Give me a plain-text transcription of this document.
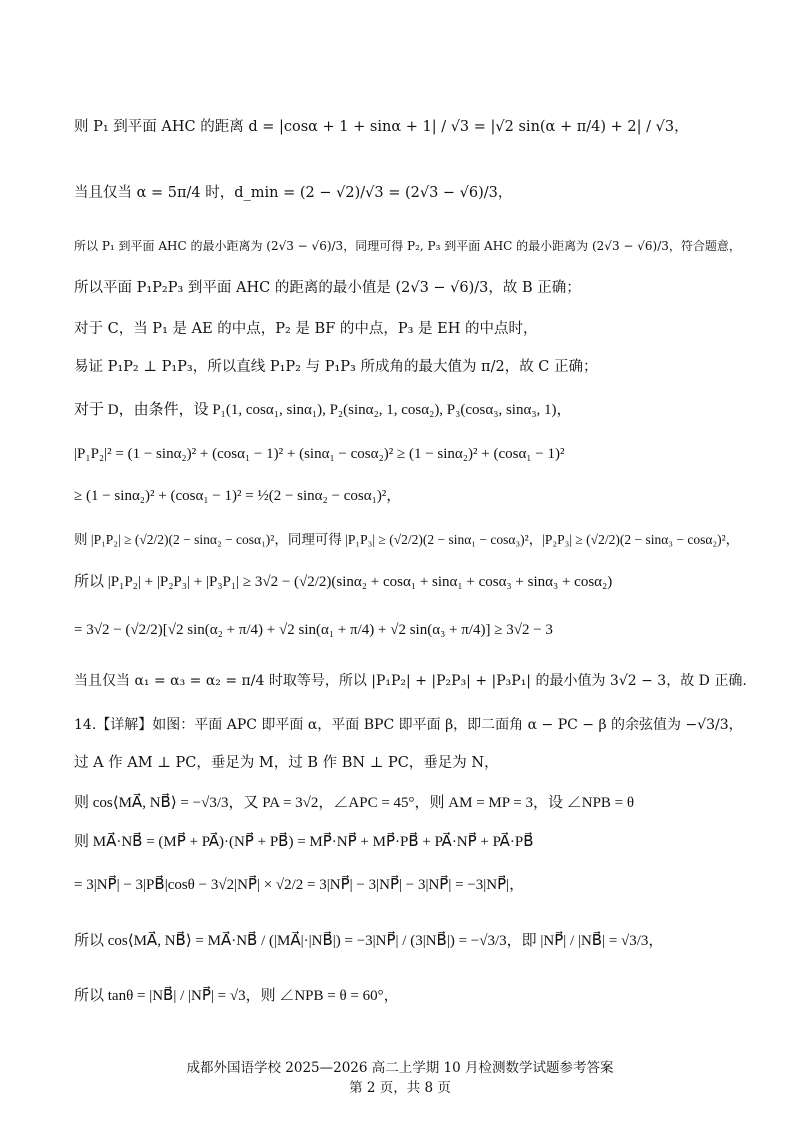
则 P₁ 到平面 AHC 的距离 d = |cosα + 1 + sinα + 1| / √3 = |√2 sin(α + π/4) + 2| / √3，
当且仅当 α = 5π/4 时，d_min = (2 − √2)/√3 = (2√3 − √6)/3，
所以 P₁ 到平面 AHC 的最小距离为 (2√3 − √6)/3，同理可得 P₂, P₃ 到平面 AHC 的最小距离为 (2√3 − √6)/3，符合题意，
所以平面 P₁P₂P₃ 到平面 AHC 的距离的最小值是 (2√3 − √6)/3，故 B 正确；
对于 C，当 P₁ 是 AE 的中点，P₂ 是 BF 的中点，P₃ 是 EH 的中点时，
易证 P₁P₂ ⊥ P₁P₃，所以直线 P₁P₂ 与 P₁P₃ 所成角的最大值为 π/2，故 C 正确；
对于 D，由条件，设 P₁(1, cosα₁, sinα₁), P₂(sinα₂, 1, cosα₂), P₃(cosα₃, sinα₃, 1)，
|P₁P₂|² = (1 − sinα₂)² + (cosα₁ − 1)² + (sinα₁ − cosα₂)² ≥ (1 − sinα₂)² + (cosα₁ − 1)²
≥ (1 − sinα₂)² + (cosα₁ − 1)² = ½(2 − sinα₂ − cosα₁)²，
则 |P₁P₂| ≥ (√2/2)(2 − sinα₂ − cosα₁)²，同理可得 |P₁P₃| ≥ (√2/2)(2 − sinα₁ − cosα₃)²，|P₂P₃| ≥ (√2/2)(2 − sinα₃ − cosα₂)²，
所以 |P₁P₂| + |P₂P₃| + |P₃P₁| ≥ 3√2 − (√2/2)(sinα₂ + cosα₁ + sinα₁ + cosα₃ + sinα₃ + cosα₂)
= 3√2 − (√2/2)[√2 sin(α₂ + π/4) + √2 sin(α₁ + π/4) + √2 sin(α₃ + π/4)] ≥ 3√2 − 3
当且仅当 α₁ = α₃ = α₂ = π/4 时取等号，所以 |P₁P₂| + |P₂P₃| + |P₃P₁| 的最小值为 3√2 − 3，故 D 正确.
14.【详解】如图：平面 APC 即平面 α，平面 BPC 即平面 β，即二面角 α − PC − β 的余弦值为 −√3/3，
过 A 作 AM ⊥ PC，垂足为 M，过 B 作 BN ⊥ PC，垂足为 N，
则 cos⟨MA⃗, NB⃗⟩ = −√3/3，又 PA = 3√2，∠APC = 45°，则 AM = MP = 3，设 ∠NPB = θ
则 MA⃗·NB⃗ = (MP⃗ + PA⃗)·(NP⃗ + PB⃗) = MP⃗·NP⃗ + MP⃗·PB⃗ + PA⃗·NP⃗ + PA⃗·PB⃗
= 3|NP⃗| − 3|PB⃗|cosθ − 3√2|NP⃗| × √2/2 = 3|NP⃗| − 3|NP⃗| − 3|NP⃗| = −3|NP⃗|，
所以 cos⟨MA⃗, NB⃗⟩ = MA⃗·NB⃗ / (|MA⃗|·|NB⃗|) = −3|NP⃗| / (3|NB⃗|) = −√3/3，即 |NP⃗| / |NB⃗| = √3/3，
所以 tanθ = |NB⃗| / |NP⃗| = √3，则 ∠NPB = θ = 60°，
成都外国语学校 2025—2026 高二上学期 10 月检测数学试题参考答案
第 2 页，共 8 页
